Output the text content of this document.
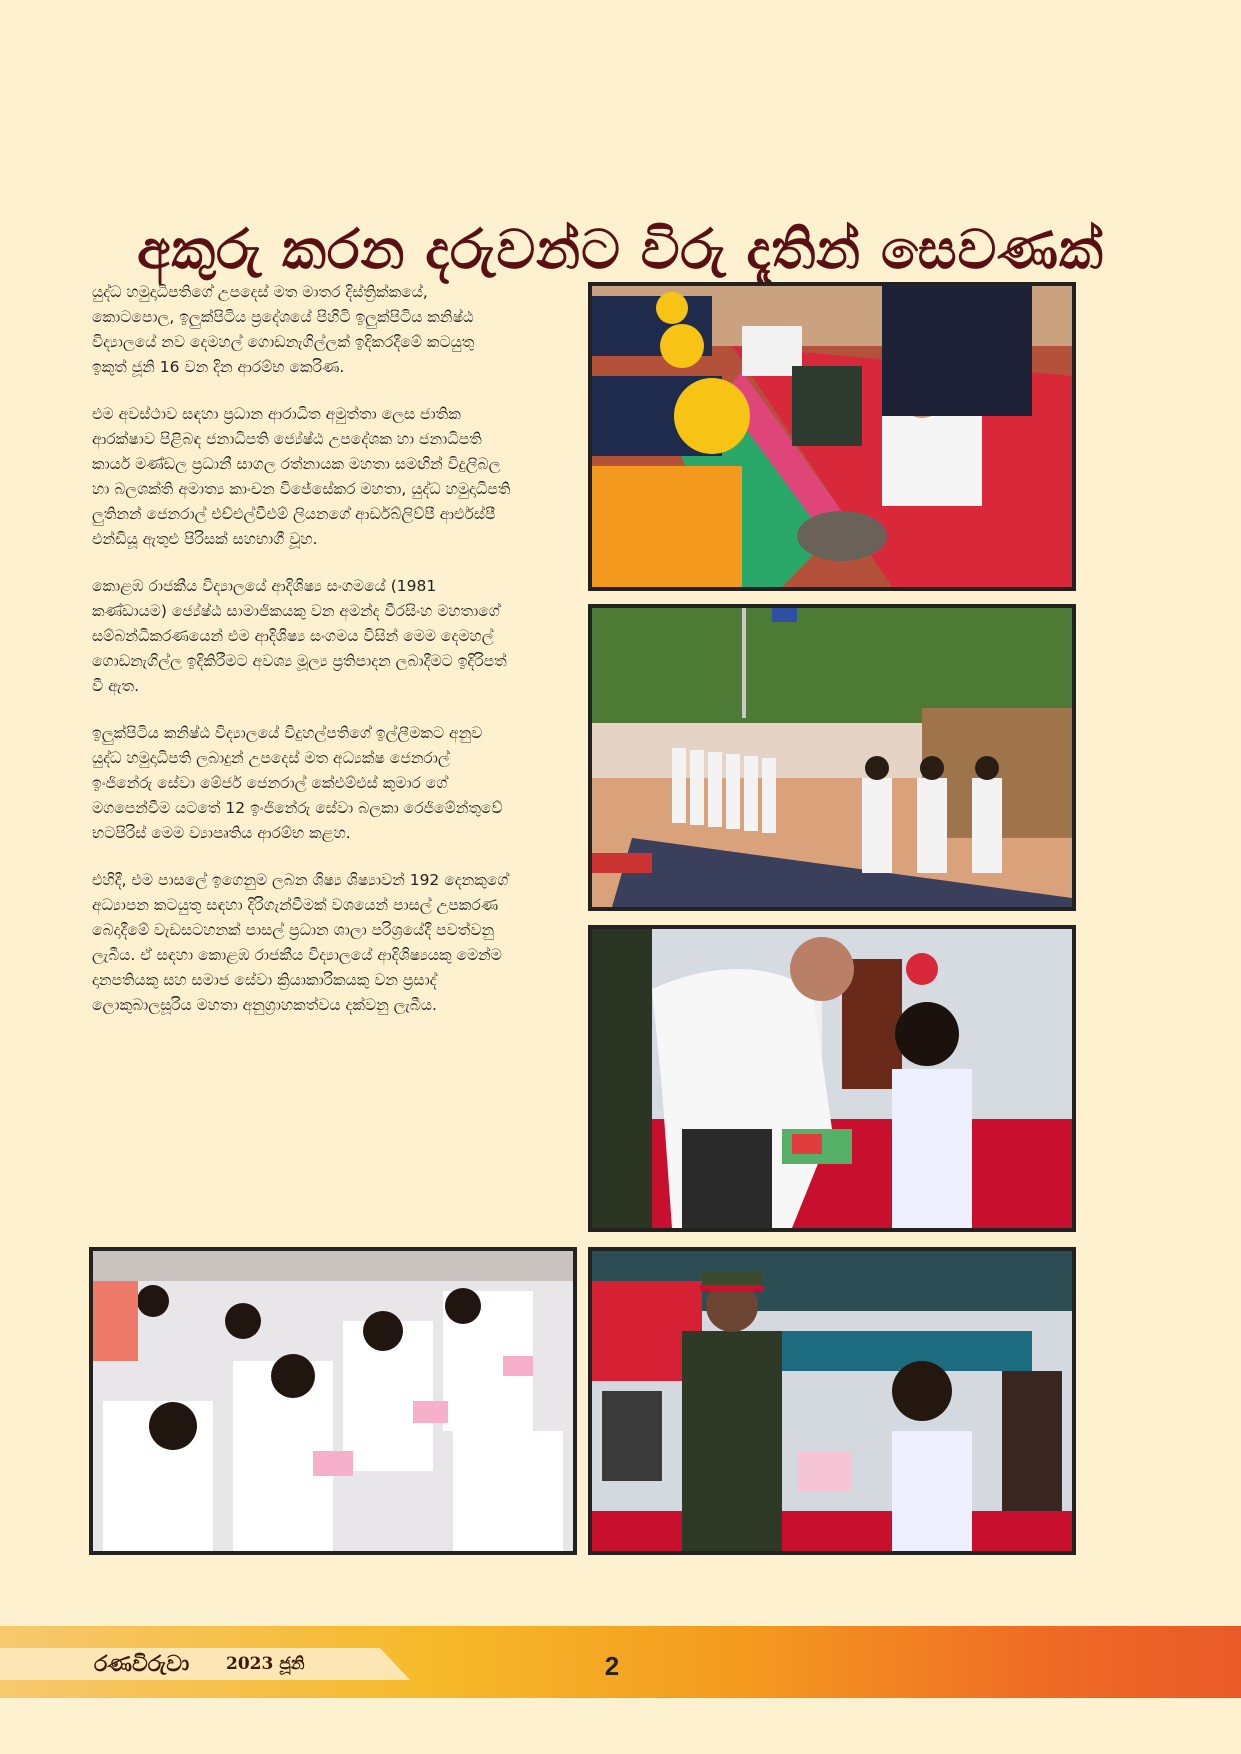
අකුරු කරන දරුවන්ට විරු දෑතින් සෙවණක්

යුද්ධ හමුදාධිපතිගේ උපදෙස් මත මාතර දිස්ත්‍රික්කයේ, කොටපොල, ඉලුක්පිටිය ප්‍රදේශයේ පිහිටි ඉලුක්පිටිය කනිෂ්ඨ විද්‍යාලයේ නව දෙමහල් ගොඩනැගිල්ලක් ඉදිකරදීමේ කටයුතු ඉකුත් ජූනි 16 වන දින ආරම්භ කෙරිණ.

එම අවස්ථාව සඳහා ප්‍රධාන ආරාධිත අමුත්තා ලෙස ජාතික ආරක්ෂාව පිළිබඳ ජනාධිපති ජ්‍යේෂ්ඨ උපදේශක හා ජනාධිපති කාර්ය මණ්ඩල ප්‍රධානී සාගල රත්නායක මහතා සමඟින් විදුලිබල හා බලශක්ති අමාත්‍ය කාංචන විජේසේකර මහතා, යුද්ධ හමුදාධිපති ලුතිනන් ජෙනරාල් එච්එල්වීඑම් ලියනගේ ආර්ඩබ්ලිව්පී ආර්එස්පී එන්ඩියූ ඇතුළු පිරිසක් සහභාගී වූහ.

කොළඹ රාජකීය විද්‍යාලයේ ආදිශිෂ්‍ය සංගමයේ (1981 කණ්ඩායම) ජ්‍යේෂ්ඨ සාමාජිකයකු වන අමන්ද වීරසිංහ මහතාගේ සම්බන්ධීකරණයෙන් එම ආදිශිෂ්‍ය සංගමය විසින් මෙම දෙමහල් ගොඩනැගිල්ල ඉදිකිරීමට අවශ්‍ය මූල්‍ය ප්‍රතිපාදන ලබාදීමට ඉදිරිපත් වී ඇත.

ඉලුක්පිටිය කනිෂ්ඨ විද්‍යාලයේ විදුහල්පතිගේ ඉල්ලීමකට අනුව යුද්ධ හමුදාධිපති ලබාදුන් උපදෙස් මත අධ්‍යක්ෂ ජෙනරාල් ඉංජිනේරු සේවා මේජර් ජෙනරාල් කේඑම්එස් කුමාර ගේ මගපෙන්වීම යටතේ 12 ඉංජිනේරු සේවා බලකා රෙජිමේන්තුවේ භටපිරිස් මෙම ව්‍යාපෘතිය ආරම්භ කළහ.

එහිදී, එම පාසලේ ඉගෙනුම ලබන ශිෂ්‍ය ශිෂ්‍යාවන් 192 දෙනකුගේ අධ්‍යාපන කටයුතු සඳහා දිරිගැන්වීමක් වශයෙන් පාසල් උපකරණ බෙදාදීමේ වැඩසටහනක් පාසල් ප්‍රධාන ශාලා පරිශ්‍රයේදී පවත්වනු ලැබීය. ඒ සඳහා කොළඹ රාජකීය විද්‍යාලයේ ආදිශිෂ්‍යයකු මෙන්ම දානපතියකු සහ සමාජ සේවා ක්‍රියාකාරිකයකු වන ප්‍රසාද් ලොකුබාලසූරිය මහතා අනුග්‍රාහකත්වය දක්වනු ලැබීය.

රණවිරුවා 2023 ජූනි	2
